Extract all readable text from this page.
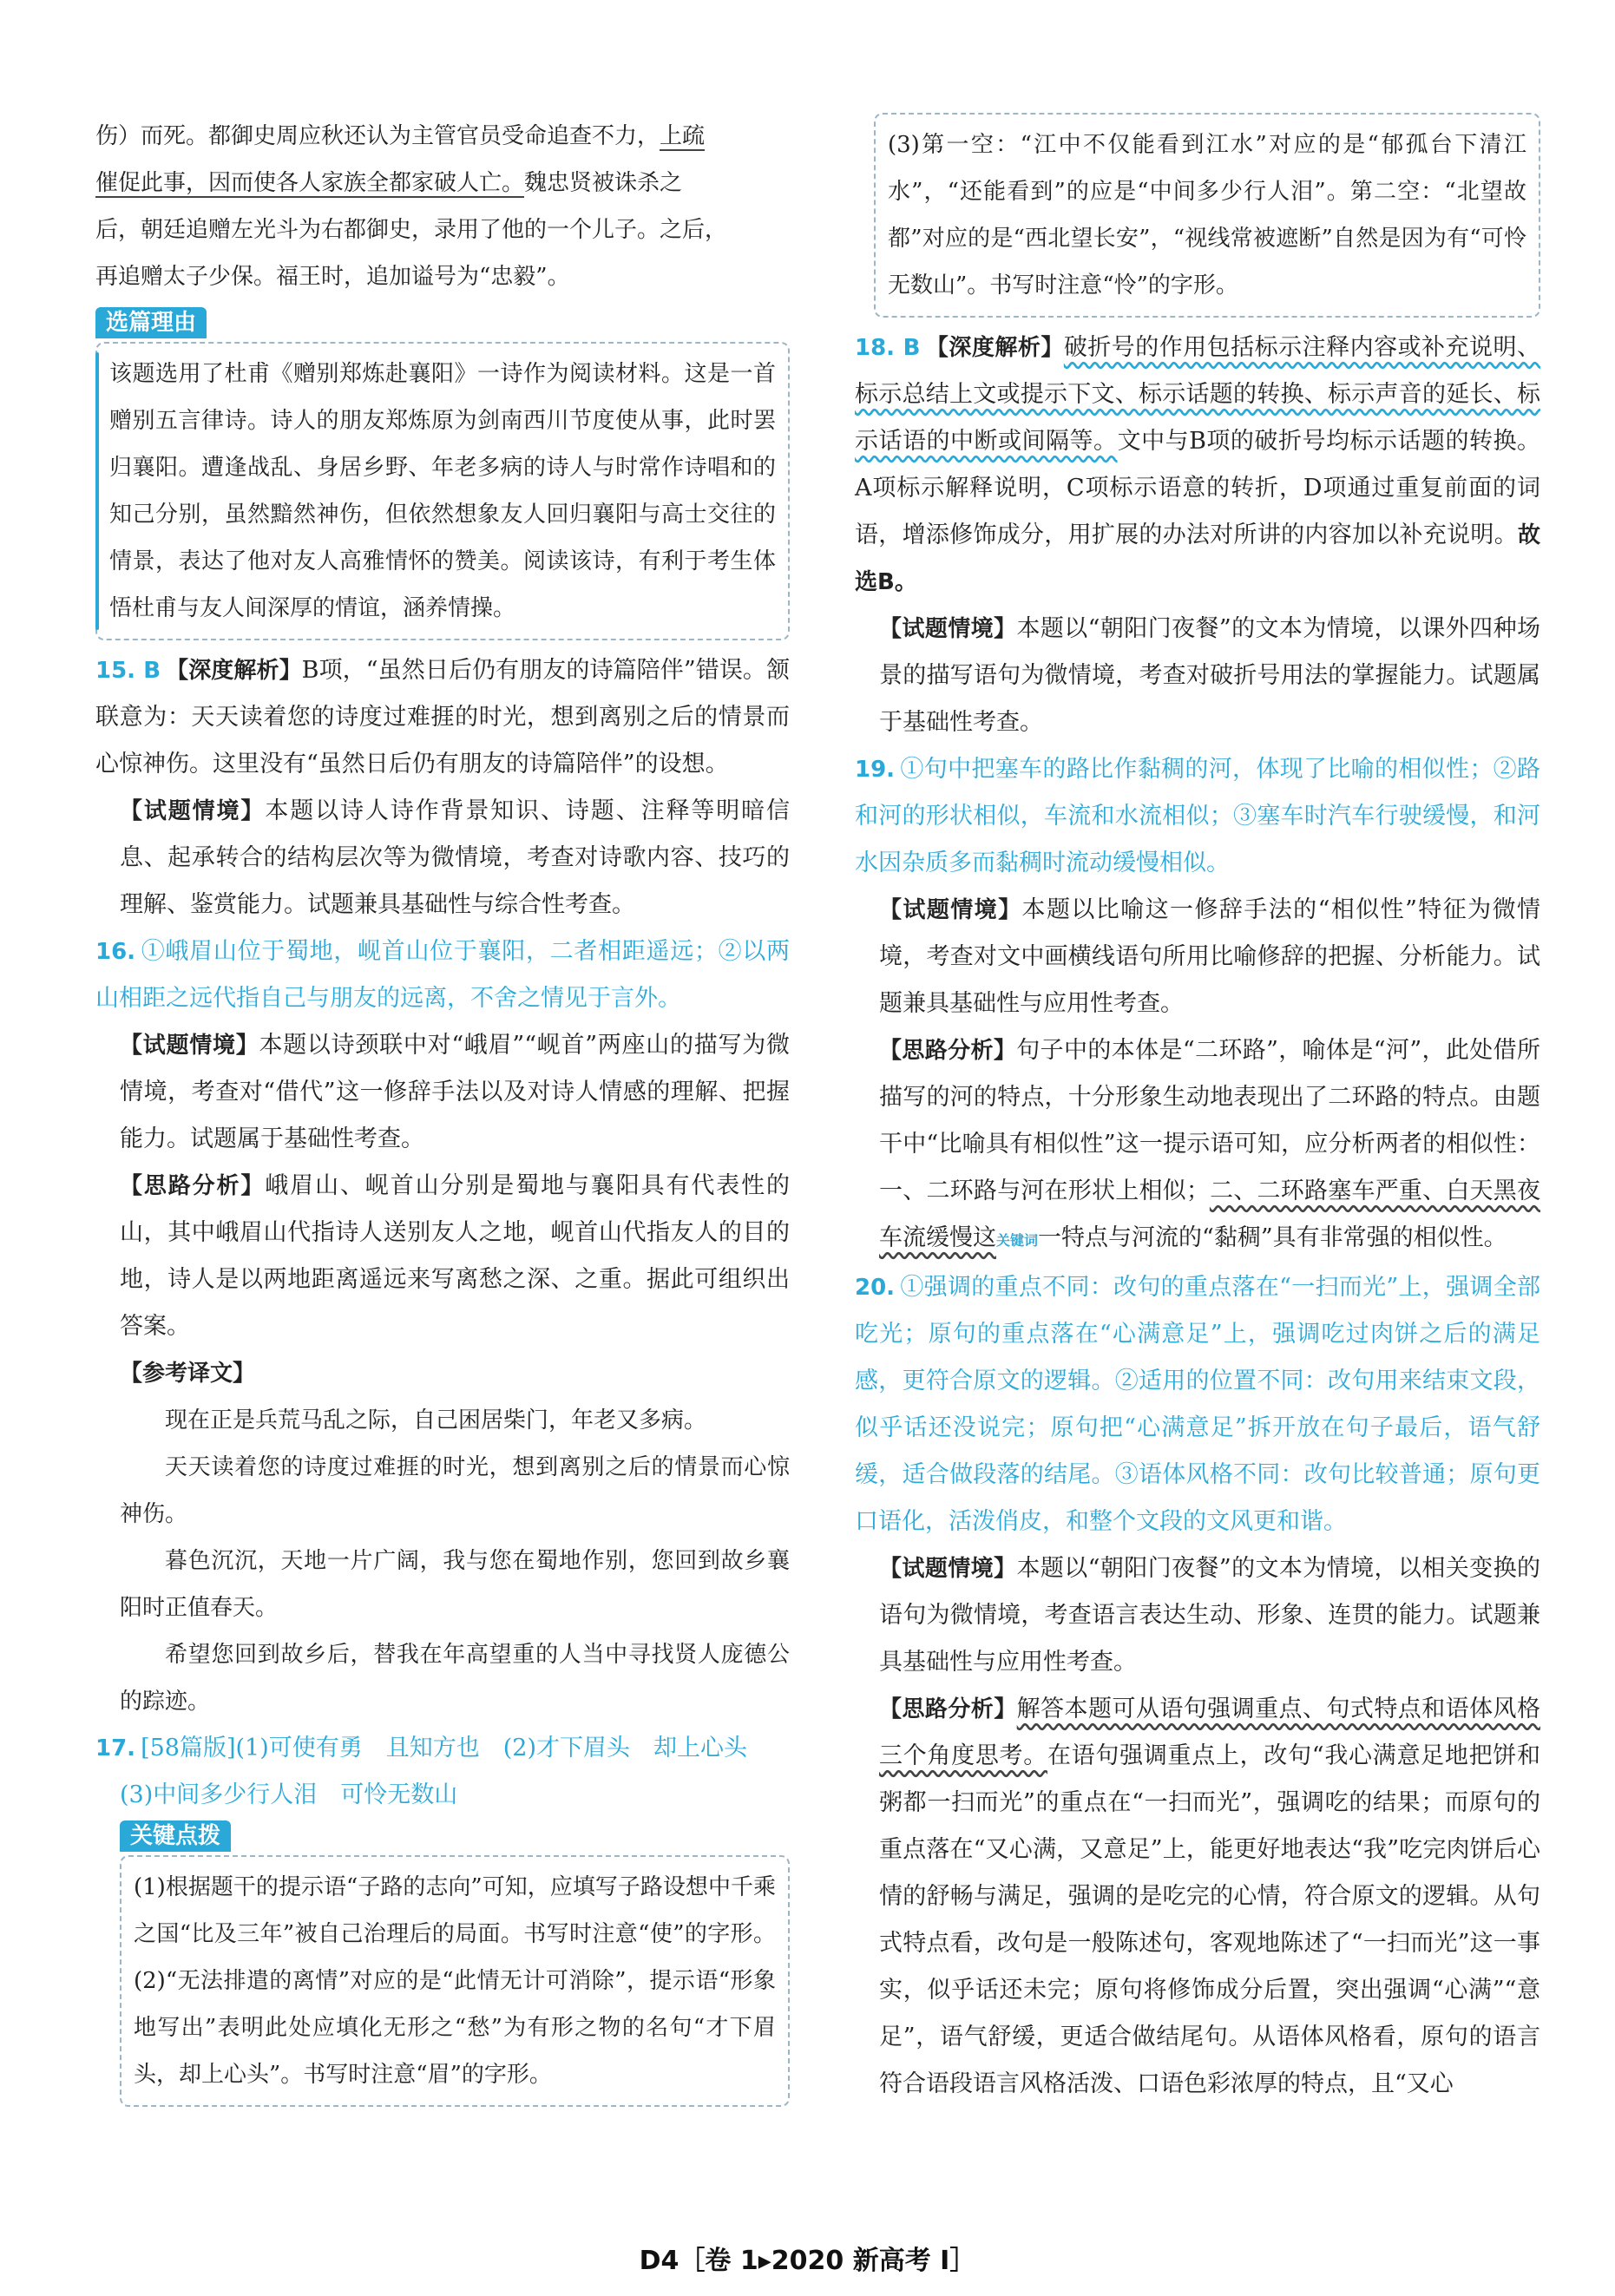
伤）而死。都御史周应秋还认为主管官员受命追查不力，上疏

催促此事，因而使各人家族全都家破人亡。魏忠贤被诛杀之

后，朝廷追赠左光斗为右都御史，录用了他的一个儿子。之后，

再追赠太子少保。福王时，追加谥号为“忠毅”。

选篇理由

该题选用了杜甫《赠别郑炼赴襄阳》一诗作为阅读材料。这是一首赠别五言律诗。诗人的朋友郑炼原为剑南西川节度使从事，此时罢归襄阳。遭逢战乱、身居乡野、年老多病的诗人与时常作诗唱和的知己分别，虽然黯然神伤，但依然想象友人回归襄阳与高士交往的情景，表达了他对友人高雅情怀的赞美。阅读该诗，有利于考生体悟杜甫与友人间深厚的情谊，涵养情操。

15. B 【深度解析】B项，“虽然日后仍有朋友的诗篇陪伴”错误。颔联意为：天天读着您的诗度过难捱的时光，想到离别之后的情景而心惊神伤。这里没有“虽然日后仍有朋友的诗篇陪伴”的设想。

【试题情境】本题以诗人诗作背景知识、诗题、注释等明暗信息、起承转合的结构层次等为微情境，考查对诗歌内容、技巧的理解、鉴赏能力。试题兼具基础性与综合性考查。

16. ①峨眉山位于蜀地，岘首山位于襄阳，二者相距遥远；②以两山相距之远代指自己与朋友的远离，不舍之情见于言外。

【试题情境】本题以诗颈联中对“峨眉”“岘首”两座山的描写为微情境，考查对“借代”这一修辞手法以及对诗人情感的理解、把握能力。试题属于基础性考查。

【思路分析】峨眉山、岘首山分别是蜀地与襄阳具有代表性的山，其中峨眉山代指诗人送别友人之地，岘首山代指友人的目的地，诗人是以两地距离遥远来写离愁之深、之重。据此可组织出答案。

【参考译文】

现在正是兵荒马乱之际，自己困居柴门，年老又多病。

天天读着您的诗度过难捱的时光，想到离别之后的情景而心惊神伤。

暮色沉沉，天地一片广阔，我与您在蜀地作别，您回到故乡襄阳时正值春天。

希望您回到故乡后，替我在年高望重的人当中寻找贤人庞德公的踪迹。

17. [58篇版](1)可使有勇　且知方也　(2)才下眉头　却上心头

(3)中间多少行人泪　可怜无数山

关键点拨

(1)根据题干的提示语“子路的志向”可知，应填写子路设想中千乘之国“比及三年”被自己治理后的局面。书写时注意“使”的字形。(2)“无法排遣的离情”对应的是“此情无计可消除”，提示语“形象地写出”表明此处应填化无形之“愁”为有形之物的名句“才下眉头，却上心头”。书写时注意“眉”的字形。

(3)第一空：“江中不仅能看到江水”对应的是“郁孤台下清江水”，“还能看到”的应是“中间多少行人泪”。第二空：“北望故都”对应的是“西北望长安”，“视线常被遮断”自然是因为有“可怜无数山”。书写时注意“怜”的字形。

18. B 【深度解析】破折号的作用包括标示注释内容或补充说明、标示总结上文或提示下文、标示话题的转换、标示声音的延长、标示话语的中断或间隔等。文中与B项的破折号均标示话题的转换。A项标示解释说明，C项标示语意的转折，D项通过重复前面的词语，增添修饰成分，用扩展的办法对所讲的内容加以补充说明。故选B。

【试题情境】本题以“朝阳门夜餐”的文本为情境，以课外四种场景的描写语句为微情境，考查对破折号用法的掌握能力。试题属于基础性考查。

19. ①句中把塞车的路比作黏稠的河，体现了比喻的相似性；②路和河的形状相似，车流和水流相似；③塞车时汽车行驶缓慢，和河水因杂质多而黏稠时流动缓慢相似。

【试题情境】本题以比喻这一修辞手法的“相似性”特征为微情境，考查对文中画横线语句所用比喻修辞的把握、分析能力。试题兼具基础性与应用性考查。

【思路分析】句子中的本体是“二环路”，喻体是“河”，此处借所描写的河的特点，十分形象生动地表现出了二环路的特点。由题干中“比喻具有相似性”这一提示语可知，应分析两者的相似性：一、二环路与河在形状上相似；二、二环路塞车严重、白天黑夜车流缓慢这关键词一特点与河流的“黏稠”具有非常强的相似性。

20. ①强调的重点不同：改句的重点落在“一扫而光”上，强调全部吃光；原句的重点落在“心满意足”上，强调吃过肉饼之后的满足感，更符合原文的逻辑。②适用的位置不同：改句用来结束文段，似乎话还没说完；原句把“心满意足”拆开放在句子最后，语气舒缓，适合做段落的结尾。③语体风格不同：改句比较普通；原句更口语化，活泼俏皮，和整个文段的文风更和谐。

【试题情境】本题以“朝阳门夜餐”的文本为情境，以相关变换的语句为微情境，考查语言表达生动、形象、连贯的能力。试题兼具基础性与应用性考查。

【思路分析】解答本题可从语句强调重点、句式特点和语体风格三个角度思考。在语句强调重点上，改句“我心满意足地把饼和粥都一扫而光”的重点在“一扫而光”，强调吃的结果；而原句的重点落在“又心满，又意足”上，能更好地表达“我”吃完肉饼后心情的舒畅与满足，强调的是吃完的心情，符合原文的逻辑。从句式特点看，改句是一般陈述句，客观地陈述了“一扫而光”这一事实，似乎话还未完；原句将修饰成分后置，突出强调“心满”“意足”，语气舒缓，更适合做结尾句。从语体风格看，原句的语言符合语段语言风格活泼、口语色彩浓厚的特点，且“又心

D4［卷 1▸2020 新高考 Ⅰ］
